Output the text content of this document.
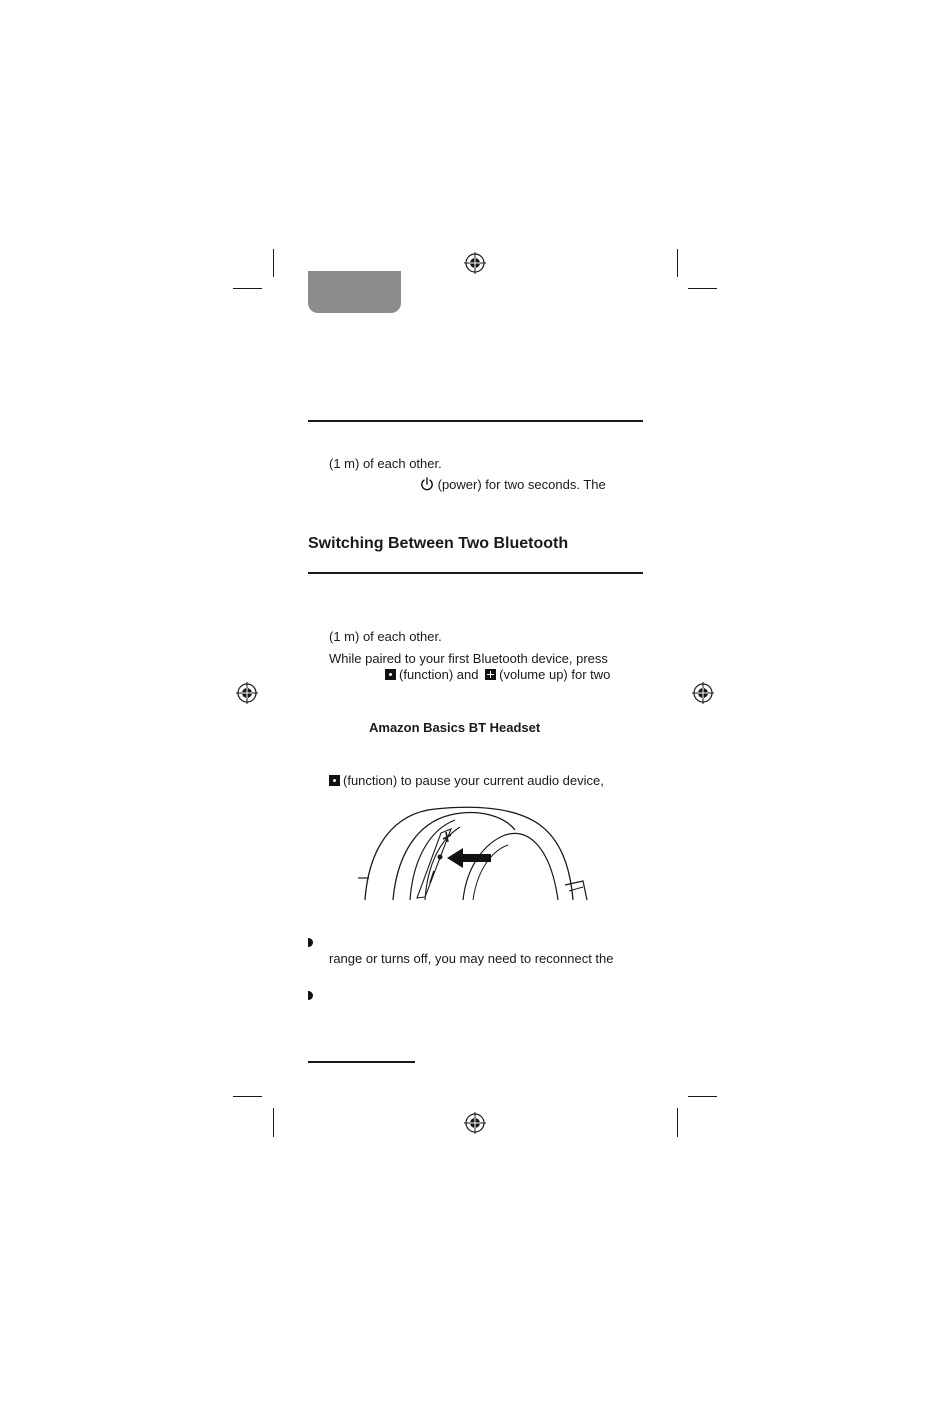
(1 m) of each other.
(power) for two seconds. The
Switching Between Two Bluetooth
(1 m) of each other.
While paired to your first Bluetooth device, press
(function) and (volume up) for two
Amazon Basics BT Headset
(function) to pause your current audio device,
range or turns off, you may need to reconnect the
